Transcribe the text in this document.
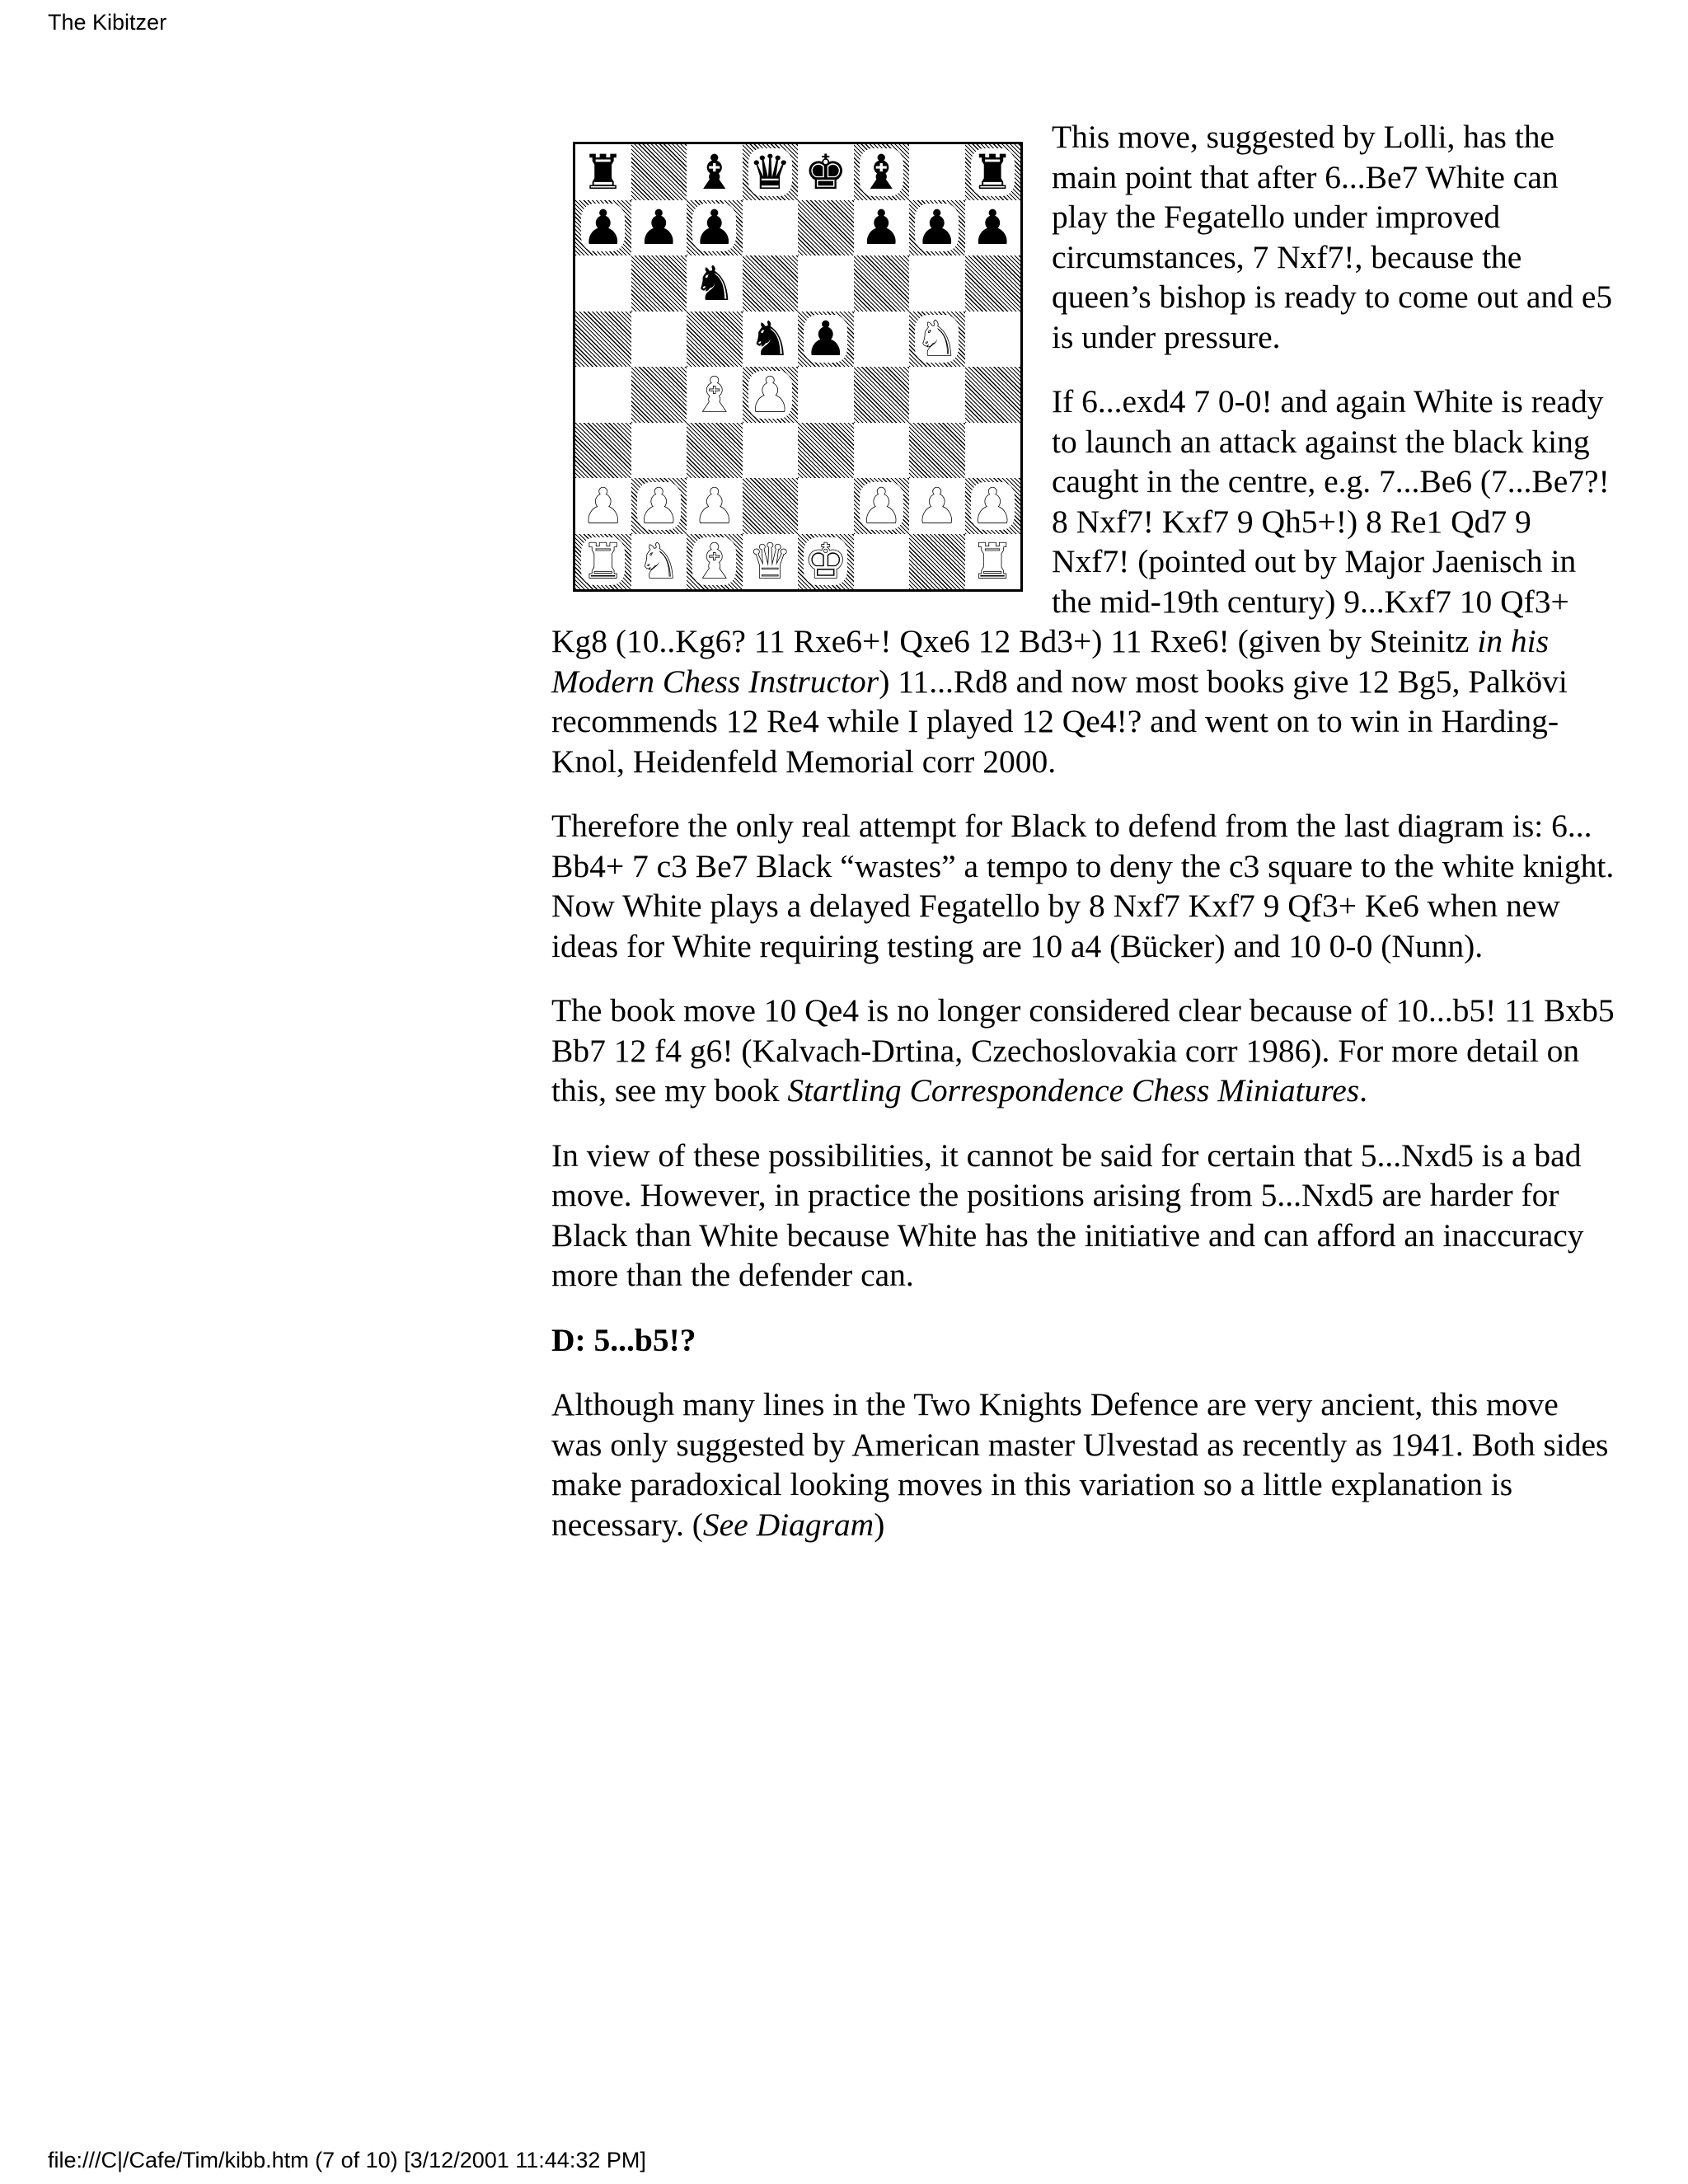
The Kibitzer
♜ ♝ ♛ ♚ ♝ ♜
♟ ♟ ♟	♟ ♟ ♟
♞
♞ ♟ ♞
♝ ♟
♟ ♟ ♟	♟ ♟ ♟
♜ ♞ ♝ ♛ ♚	♜

This move, suggested by Lolli, has the main point that after 6...Be7 White can play the Fegatello under improved circumstances, 7 Nxf7!, because the queen’s bishop is ready to come out and e5 is under pressure.

If 6...exd4 7 0-0! and again White is ready to launch an attack against the black king caught in the centre, e.g. 7...Be6 (7...Be7?! 8 Nxf7! Kxf7 9 Qh5+!) 8 Re1 Qd7 9 Nxf7! (pointed out by Major Jaenisch in the mid-19th century) 9...Kxf7 10 Qf3+ Kg8 (10..Kg6? 11 Rxe6+! Qxe6 12 Bd3+) 11 Rxe6! (given by Steinitz in his Modern Chess Instructor) 11...Rd8 and now most books give 12 Bg5, Palkövi recommends 12 Re4 while I played 12 Qe4!? and went on to win in Harding-Knol, Heidenfeld Memorial corr 2000.

Therefore the only real attempt for Black to defend from the last diagram is: 6... Bb4+ 7 c3 Be7 Black “wastes” a tempo to deny the c3 square to the white knight. Now White plays a delayed Fegatello by 8 Nxf7 Kxf7 9 Qf3+ Ke6 when new ideas for White requiring testing are 10 a4 (Bücker) and 10 0-0 (Nunn).

The book move 10 Qe4 is no longer considered clear because of 10...b5! 11 Bxb5 Bb7 12 f4 g6! (Kalvach-Drtina, Czechoslovakia corr 1986). For more detail on this, see my book Startling Correspondence Chess Miniatures.

In view of these possibilities, it cannot be said for certain that 5...Nxd5 is a bad move. However, in practice the positions arising from 5...Nxd5 are harder for Black than White because White has the initiative and can afford an inaccuracy more than the defender can.

D: 5...b5!?

Although many lines in the Two Knights Defence are very ancient, this move was only suggested by American master Ulvestad as recently as 1941. Both sides make paradoxical looking moves in this variation so a little explanation is necessary. (See Diagram)

file:///C|/Cafe/Tim/kibb.htm (7 of 10) [3/12/2001 11:44:32 PM]
